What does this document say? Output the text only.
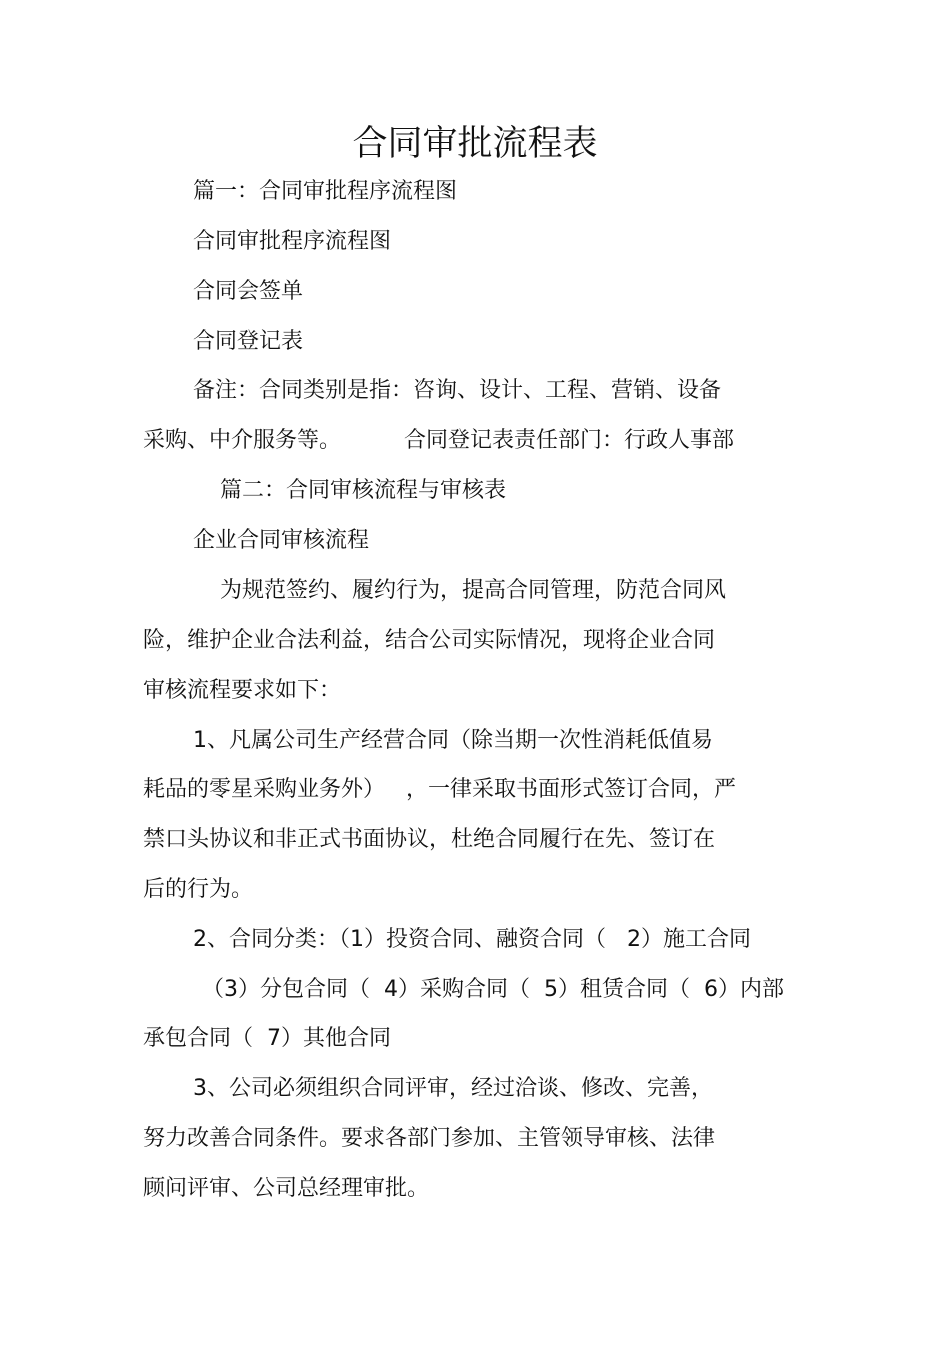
合同审批流程表
篇一：合同审批程序流程图
合同审批程序流程图
合同会签单
合同登记表
备注：合同类别是指：咨询、设计、工程、营销、设备
采购、中介服务等。         合同登记表责任部门：行政人事部
篇二：合同审核流程与审核表
企业合同审核流程
为规范签约、履约行为，提高合同管理，防范合同风
险，维护企业合法利益，结合公司实际情况，现将企业合同
审核流程要求如下：
1、凡属公司生产经营合同（除当期一次性消耗低值易
耗品的零星采购业务外）   ，一律采取书面形式签订合同，严
禁口头协议和非正式书面协议，杜绝合同履行在先、签订在
后的行为。
2、合同分类：（1）投资合同、融资合同（   2）施工合同
（3）分包合同（  4）采购合同（  5）租赁合同（  6）内部
承包合同（  7）其他合同
3、公司必须组织合同评审，经过洽谈、修改、完善，
努力改善合同条件。要求各部门参加、主管领导审核、法律
顾问评审、公司总经理审批。
